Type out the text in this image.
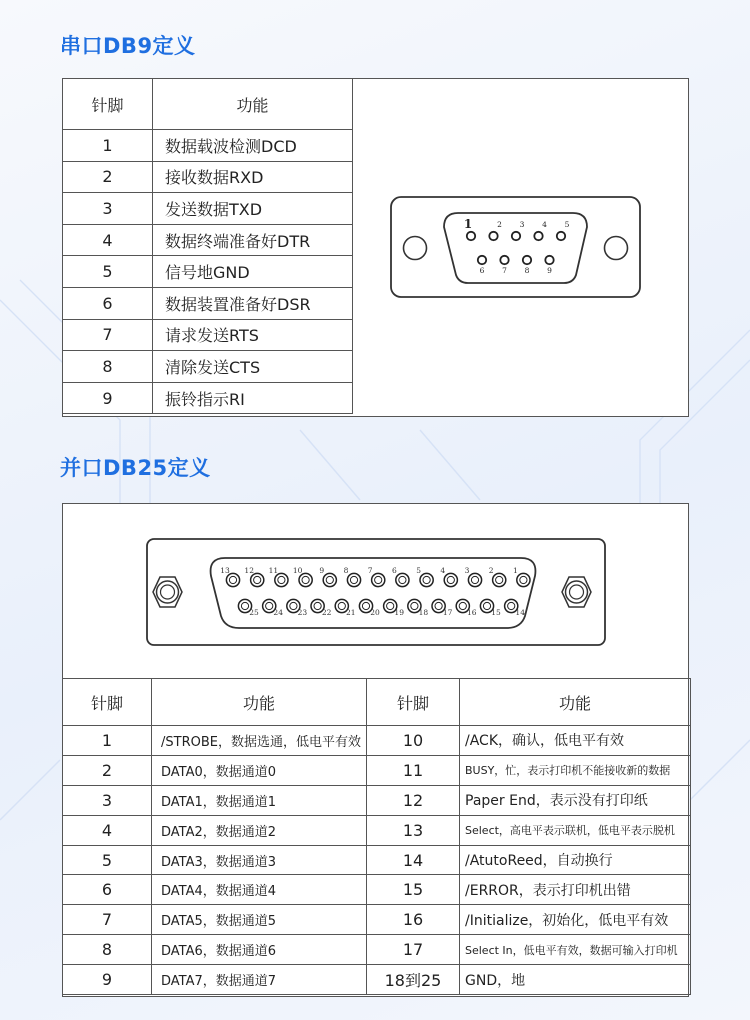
串口DB9定义
针脚	功能
1	数据载波检测DCD
2	接收数据RXD
3	发送数据TXD
4	数据终端准备好DTR
5	信号地GND
6	数据装置准备好DSR
7	请求发送RTS
8	清除发送CTS
9	振铃指示RI
1	2 3 4 5
6 7 8 9
并口DB25定义
13 12 11 10 9	8	7	6	5	4	3	2	1
25 24 23 22 21 20 19 18 17 16 15 14
针脚	功能	针脚	功能
1	/STROBE，数据选通，低电平有效	10	/ACK，确认，低电平有效
2	DATA0，数据通道0	11	BUSY，忙，表示打印机不能接收新的数据
3	DATA1，数据通道1	12	Paper End，表示没有打印纸
4	DATA2，数据通道2	13	Select，高电平表示联机，低电平表示脱机
5	DATA3，数据通道3	14	/AtutoReed，自动换行
6	DATA4，数据通道4	15	/ERROR，表示打印机出错
7	DATA5，数据通道5	16	/Initialize，初始化，低电平有效
8	DATA6，数据通道6	17	Select In，低电平有效，数据可输入打印机
9	DATA7，数据通道7	18到25	GND，地
